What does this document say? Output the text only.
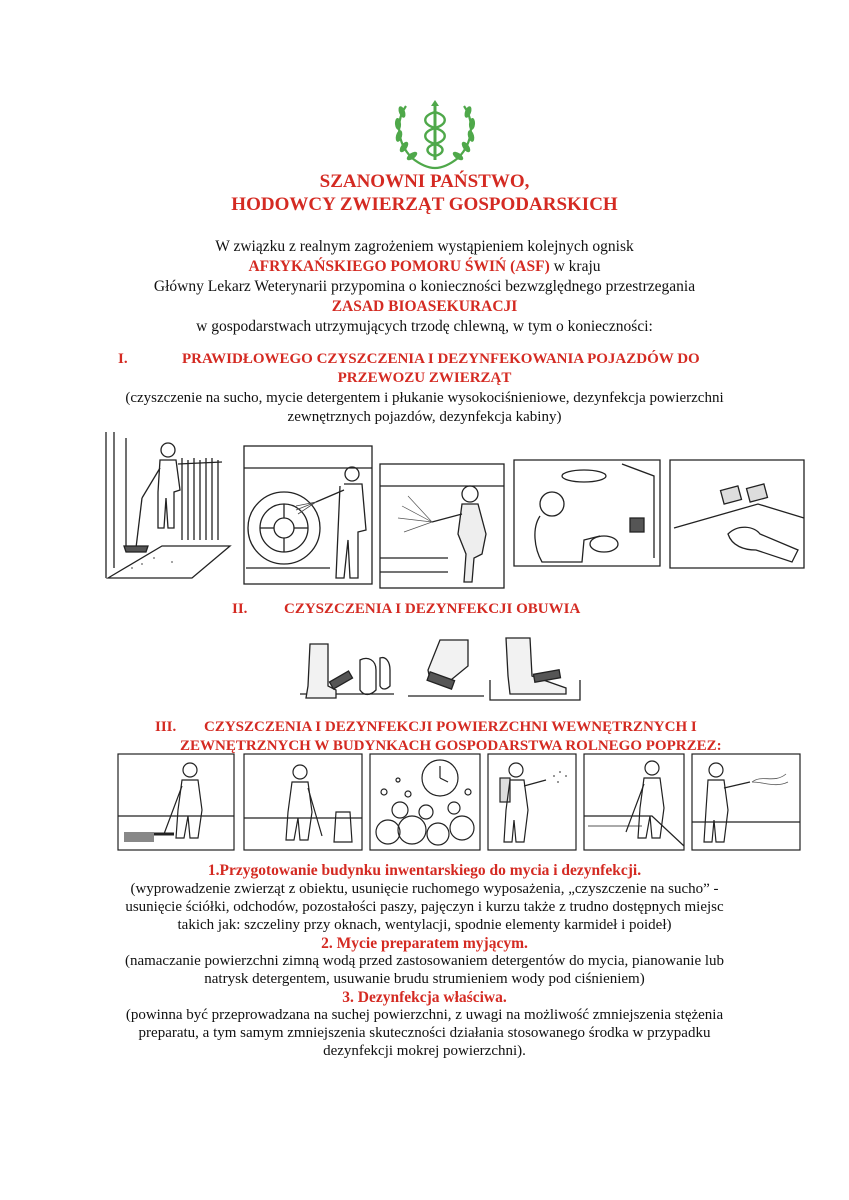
SZANOWNI PAŃSTWO,
HODOWCY ZWIERZĄT GOSPODARSKICH
W związku z realnym zagrożeniem wystąpieniem kolejnych ognisk
AFRYKAŃSKIEGO POMORU ŚWIŃ (ASF) w kraju
Główny Lekarz Weterynarii przypomina o konieczności bezwzględnego przestrzegania
ZASAD BIOASEKURACJI
w gospodarstwach utrzymujących trzodę chlewną, w tym o konieczności:
I.	PRAWIDŁOWEGO CZYSZCZENIA I DEZYNFEKOWANIA POJAZDÓW DO
PRZEWOZU ZWIERZĄT
(czyszczenie na sucho, mycie detergentem i płukanie wysokociśnieniowe, dezynfekcja powierzchni
zewnętrznych pojazdów, dezynfekcja kabiny)
II. CZYSZCZENIA I DEZYNFEKCJI OBUWIA
III. CZYSZCZENIA I DEZYNFEKCJI POWIERZCHNI WEWNĘTRZNYCH I
ZEWNĘTRZNYCH W BUDYNKACH GOSPODARSTWA ROLNEGO POPRZEZ:
1.Przygotowanie budynku inwentarskiego do mycia i dezynfekcji.
(wyprowadzenie zwierząt z obiektu, usunięcie ruchomego wyposażenia, „czyszczenie na sucho” -
usunięcie ściółki, odchodów, pozostałości paszy, pajęczyn i kurzu także z trudno dostępnych miejsc
takich jak: szczeliny przy oknach, wentylacji, spodnie elementy karmideł i poideł)
2. Mycie preparatem myjącym.
(namaczanie powierzchni zimną wodą przed zastosowaniem detergentów do mycia, pianowanie lub
natrysk detergentem, usuwanie brudu strumieniem wody pod ciśnieniem)
3. Dezynfekcja właściwa.
(powinna być przeprowadzana na suchej powierzchni, z uwagi na możliwość zmniejszenia stężenia
preparatu, a tym samym zmniejszenia skuteczności działania stosowanego środka w przypadku
dezynfekcji mokrej powierzchni).
